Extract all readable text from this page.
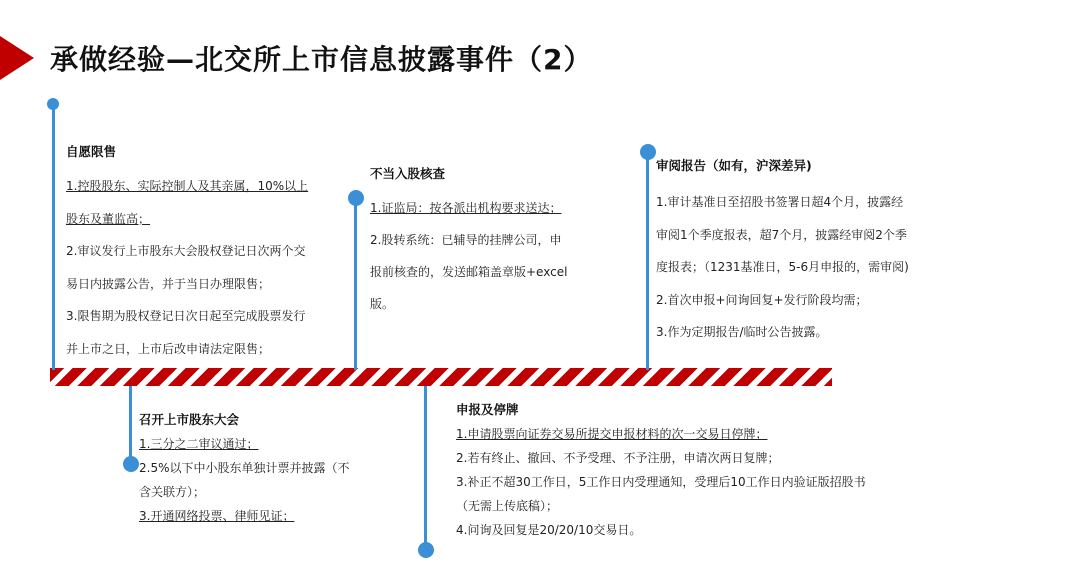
承做经验—北交所上市信息披露事件（2）
自愿限售
1.控股股东、实际控制人及其亲属，10%以上
股东及董监高；
2.审议发行上市股东大会股权登记日次两个交
易日内披露公告，并于当日办理限售；
3.限售期为股权登记日次日起至完成股票发行
并上市之日，上市后改申请法定限售；
不当入股核查
1.证监局：按各派出机构要求送达；
2.股转系统：已辅导的挂牌公司，申
报前核查的，发送邮箱盖章版+excel
版。
审阅报告（如有，沪深差异)
1.审计基准日至招股书签署日超4个月，披露经
审阅1个季度报表，超7个月，披露经审阅2个季
度报表；（1231基准日，5-6月申报的，需审阅)
2.首次申报+问询回复+发行阶段均需；
3.作为定期报告/临时公告披露。
召开上市股东大会
1.三分之二审议通过；
2.5%以下中小股东单独计票并披露（不
含关联方）；
3.开通网络投票、律师见证；
申报及停牌
1.申请股票向证券交易所提交申报材料的次一交易日停牌；
2.若有终止、撤回、不予受理、不予注册，申请次两日复牌；
3.补正不超30工作日，5工作日内受理通知，受理后10工作日内验证版招股书
（无需上传底稿）；
4.问询及回复是20/20/10交易日。
